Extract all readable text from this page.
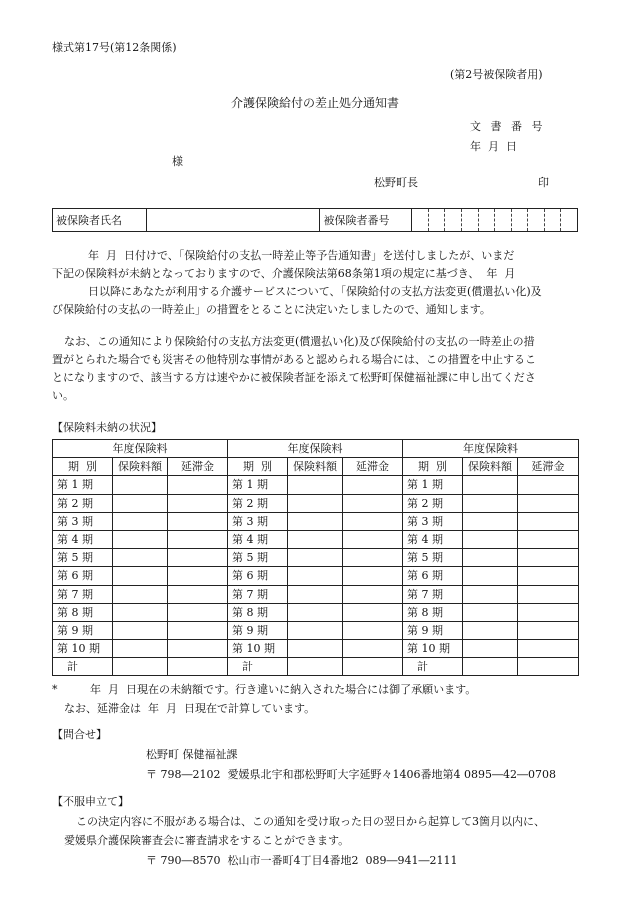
様式第17号(第12条関係)
(第2号被保険者用)
介護保険給付の差止処分通知書
文 書 番 号
年  月  日
様
松野町長	印
被保険者氏名		被保険者番号										
年  月  日付けで、「保険給付の支払一時差止等予告通知書」を送付しましたが、いまだ
下記の保険料が未納となっておりますので、介護保険法第68条第1項の規定に基づき、  年  月
日以降にあなたが利用する介護サービスについて、「保険給付の支払方法変更(償還払い化)及
び保険給付の支払の一時差止」の措置をとることに決定いたしましたので、通知します。
なお、この通知により保険給付の支払方法変更(償還払い化)及び保険給付の支払の一時差止の措
置がとられた場合でも災害その他特別な事情があると認められる場合には、この措置を中止するこ
とになりますので、該当する方は速やかに被保険者証を添えて松野町保健福祉課に申し出てくださ
い。
【保険料未納の状況】
年度保険料			年度保険料			年度保険料		
期  別	保険料額	延滞金	期  別	保険料額	延滞金	期  別	保険料額	延滞金
第 1 期			第 1 期			第 1 期		
第 2 期			第 2 期			第 2 期		
第 3 期			第 3 期			第 3 期		
第 4 期			第 4 期			第 4 期		
第 5 期			第 5 期			第 5 期		
第 6 期			第 6 期			第 6 期		
第 7 期			第 7 期			第 7 期		
第 8 期			第 8 期			第 8 期		
第 9 期			第 9 期			第 9 期		
第 10 期			第 10 期			第 10 期		
計			計			計		
*	年  月  日現在の未納額です。行き違いに納入された場合には御了承願います。
なお、延滞金は  年  月  日現在で計算しています。
【問合せ】
松野町 保健福祉課
〒 798―2102  愛媛県北宇和郡松野町大字延野々1406番地第4 0895―42―0708
【不服申立て】
この決定内容に不服がある場合は、この通知を受け取った日の翌日から起算して3箇月以内に、
愛媛県介護保険審査会に審査請求をすることができます。
〒 790―8570  松山市一番町4丁目4番地2  089―941―2111
